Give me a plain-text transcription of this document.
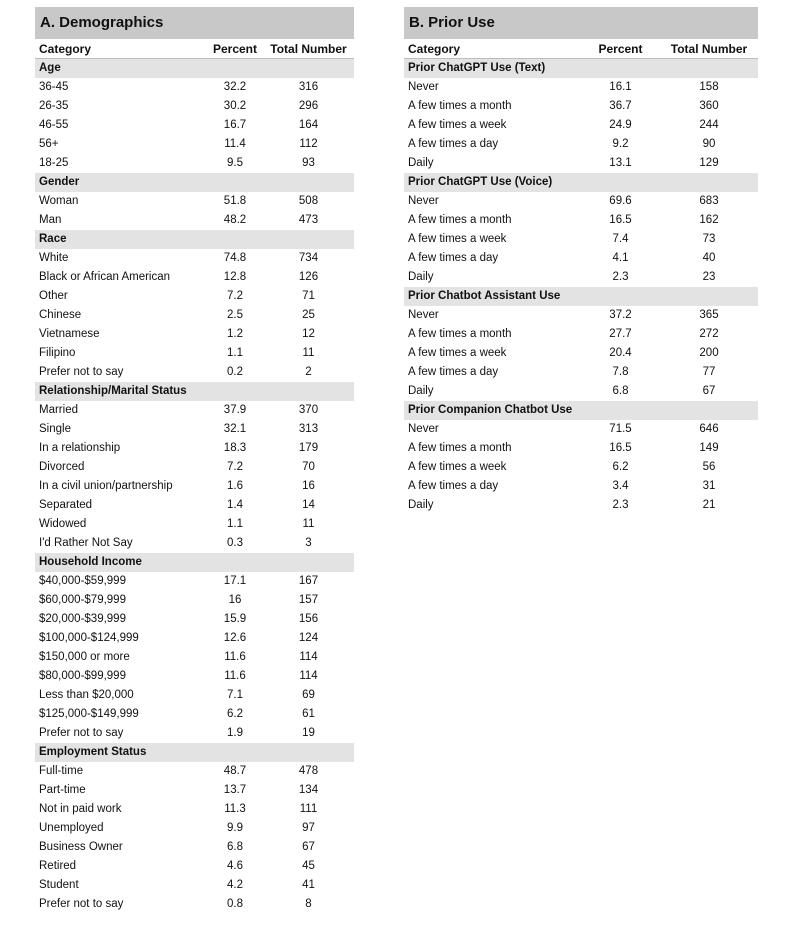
A. Demographics
Category	Percent	Total Number
Age
36-45	32.2	316
26-35	30.2	296
46-55	16.7	164
56+	11.4	112
18-25	9.5	93
Gender
Woman	51.8	508
Man	48.2	473
Race
White	74.8	734
Black or African American	12.8	126
Other	7.2	71
Chinese	2.5	25
Vietnamese	1.2	12
Filipino	1.1	11
Prefer not to say	0.2	2
Relationship/Marital Status
Married	37.9	370
Single	32.1	313
In a relationship	18.3	179
Divorced	7.2	70
In a civil union/partnership	1.6	16
Separated	1.4	14
Widowed	1.1	11
I'd Rather Not Say	0.3	3
Household Income
$40,000-$59,999	17.1	167
$60,000-$79,999	16	157
$20,000-$39,999	15.9	156
$100,000-$124,999	12.6	124
$150,000 or more	11.6	114
$80,000-$99,999	11.6	114
Less than $20,000	7.1	69
$125,000-$149,999	6.2	61
Prefer not to say	1.9	19
Employment Status
Full-time	48.7	478
Part-time	13.7	134
Not in paid work	11.3	111
Unemployed	9.9	97
Business Owner	6.8	67
Retired	4.6	45
Student	4.2	41
Prefer not to say	0.8	8
B. Prior Use
Category	Percent	Total Number
Prior ChatGPT Use (Text)
Never	16.1	158
A few times a month	36.7	360
A few times a week	24.9	244
A few times a day	9.2	90
Daily	13.1	129
Prior ChatGPT Use (Voice)
Never	69.6	683
A few times a month	16.5	162
A few times a week	7.4	73
A few times a day	4.1	40
Daily	2.3	23
Prior Chatbot Assistant Use
Never	37.2	365
A few times a month	27.7	272
A few times a week	20.4	200
A few times a day	7.8	77
Daily	6.8	67
Prior Companion Chatbot Use
Never	71.5	646
A few times a month	16.5	149
A few times a week	6.2	56
A few times a day	3.4	31
Daily	2.3	21
